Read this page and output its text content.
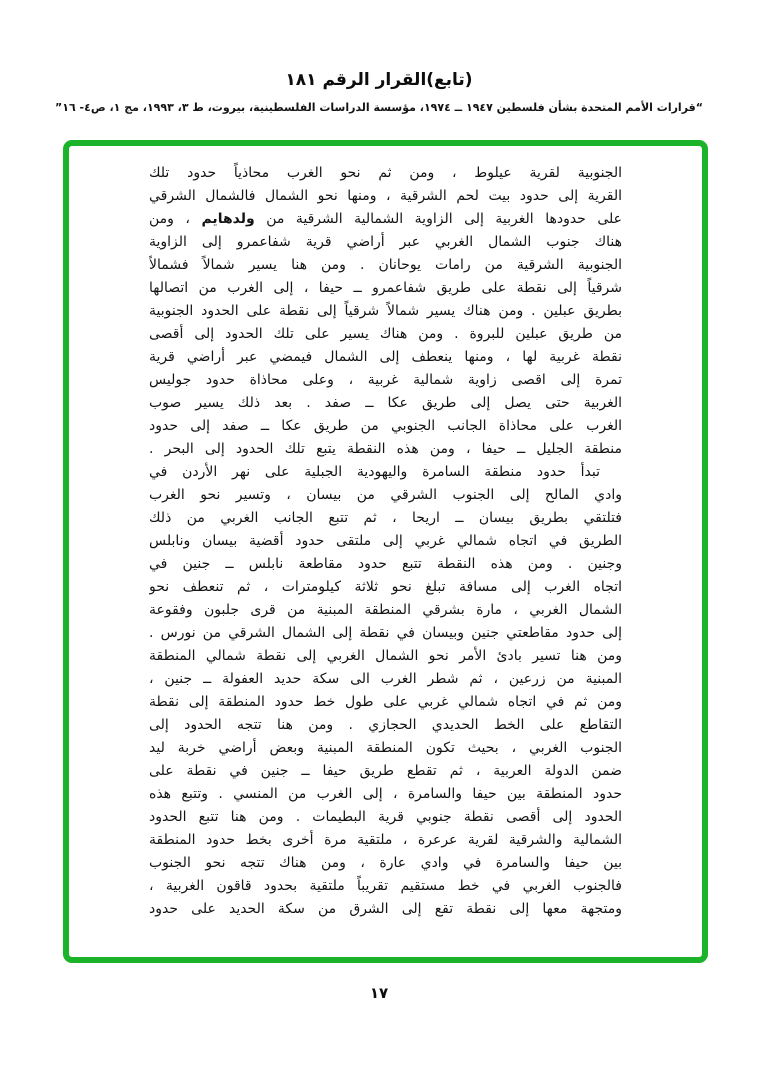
(تابع)القرار الرقم ١٨١
“قرارات الأمم المتحدة بشأن فلسطين ١٩٤٧ ــ ١٩٧٤، مؤسسة الدراسات الفلسطينية، بيروت، ط ٣، ١٩٩٣، مج ١، ص٤- ١٦”
الجنوبية لقرية عيلوط ، ومن ثم نحو الغرب محاذياً حدود تلك
القرية إلى حدود بيت لحم الشرقية ، ومنها نحو الشمال فالشمال الشرقي
على حدودها الغربية إلى الزاوية الشمالية الشرقية من ولدهايم ، ومن
هناك جنوب الشمال الغربي عبر أراضي قرية شفاعمرو إلى الزاوية
الجنوبية الشرقية من رامات يوحانان . ومن هنا يسير شمالاً فشمالاً
شرقياً إلى نقطة على طريق شفاعمرو ــ حيفا ، إلى الغرب من اتصالها
بطريق عبلين . ومن هناك يسير شمالاً شرقياً إلى نقطة على الحدود الجنوبية
من طريق عبلين للبروة . ومن هناك يسير على تلك الحدود إلى أقصى
نقطة غربية لها ، ومنها ينعطف إلى الشمال فيمضي عبر أراضي قرية
تمرة إلى اقصى زاوية شمالية غربية ، وعلى محاذاة حدود جوليس
الغربية حتى يصل إلى طريق عكا ــ صفد . بعد ذلك يسير صوب
الغرب على محاذاة الجانب الجنوبي من طريق عكا ــ صفد إلى حدود
منطقة الجليل ــ حيفا ، ومن هذه النقطة يتبع تلك الحدود إلى البحر .
تبدأ حدود منطقة السامرة واليهودية الجبلية على نهر الأردن في
وادي المالح إلى الجنوب الشرقي من بيسان ، وتسير نحو الغرب
فتلتقي بطريق بيسان ــ اريحا ، ثم تتبع الجانب الغربي من ذلك
الطريق في اتجاه شمالي غربي إلى ملتقى حدود أقضية بيسان ونابلس
وجنين . ومن هذه النقطة تتبع حدود مقاطعة نابلس ــ جنين في
اتجاه الغرب إلى مسافة تبلغ نحو ثلاثة كيلومترات ، ثم تنعطف نحو
الشمال الغربي ، مارة بشرقي المنطقة المبنية من قرى جلبون وفقوعة
إلى حدود مقاطعتي جنين وبيسان في نقطة إلى الشمال الشرقي من نورس .
ومن هنا تسير بادئ الأمر نحو الشمال الغربي إلى نقطة شمالي المنطقة
المبنية من زرعين ، ثم شطر الغرب الى سكة حديد العفولة ــ جنين ،
ومن ثم في اتجاه شمالي غربي على طول خط حدود المنطقة إلى نقطة
التقاطع على الخط الحديدي الحجازي . ومن هنا تتجه الحدود إلى
الجنوب الغربي ، بحيث تكون المنطقة المبنية وبعض أراضي خربة ليد
ضمن الدولة العربية ، ثم تقطع طريق حيفا ــ جنين في نقطة على
حدود المنطقة بين حيفا والسامرة ، إلى الغرب من المنسي . وتتبع هذه
الحدود إلى أقصى نقطة جنوبي قرية البطيمات . ومن هنا تتبع الحدود
الشمالية والشرقية لقرية عرعرة ، ملتقية مرة أخرى بخط حدود المنطقة
بين حيفا والسامرة في وادي عارة ، ومن هناك تتجه نحو الجنوب
فالجنوب الغربي في خط مستقيم تقريباً ملتقية بحدود قاقون الغربية ،
ومتجهة معها إلى نقطة تقع إلى الشرق من سكة الحديد على حدود
١٧
